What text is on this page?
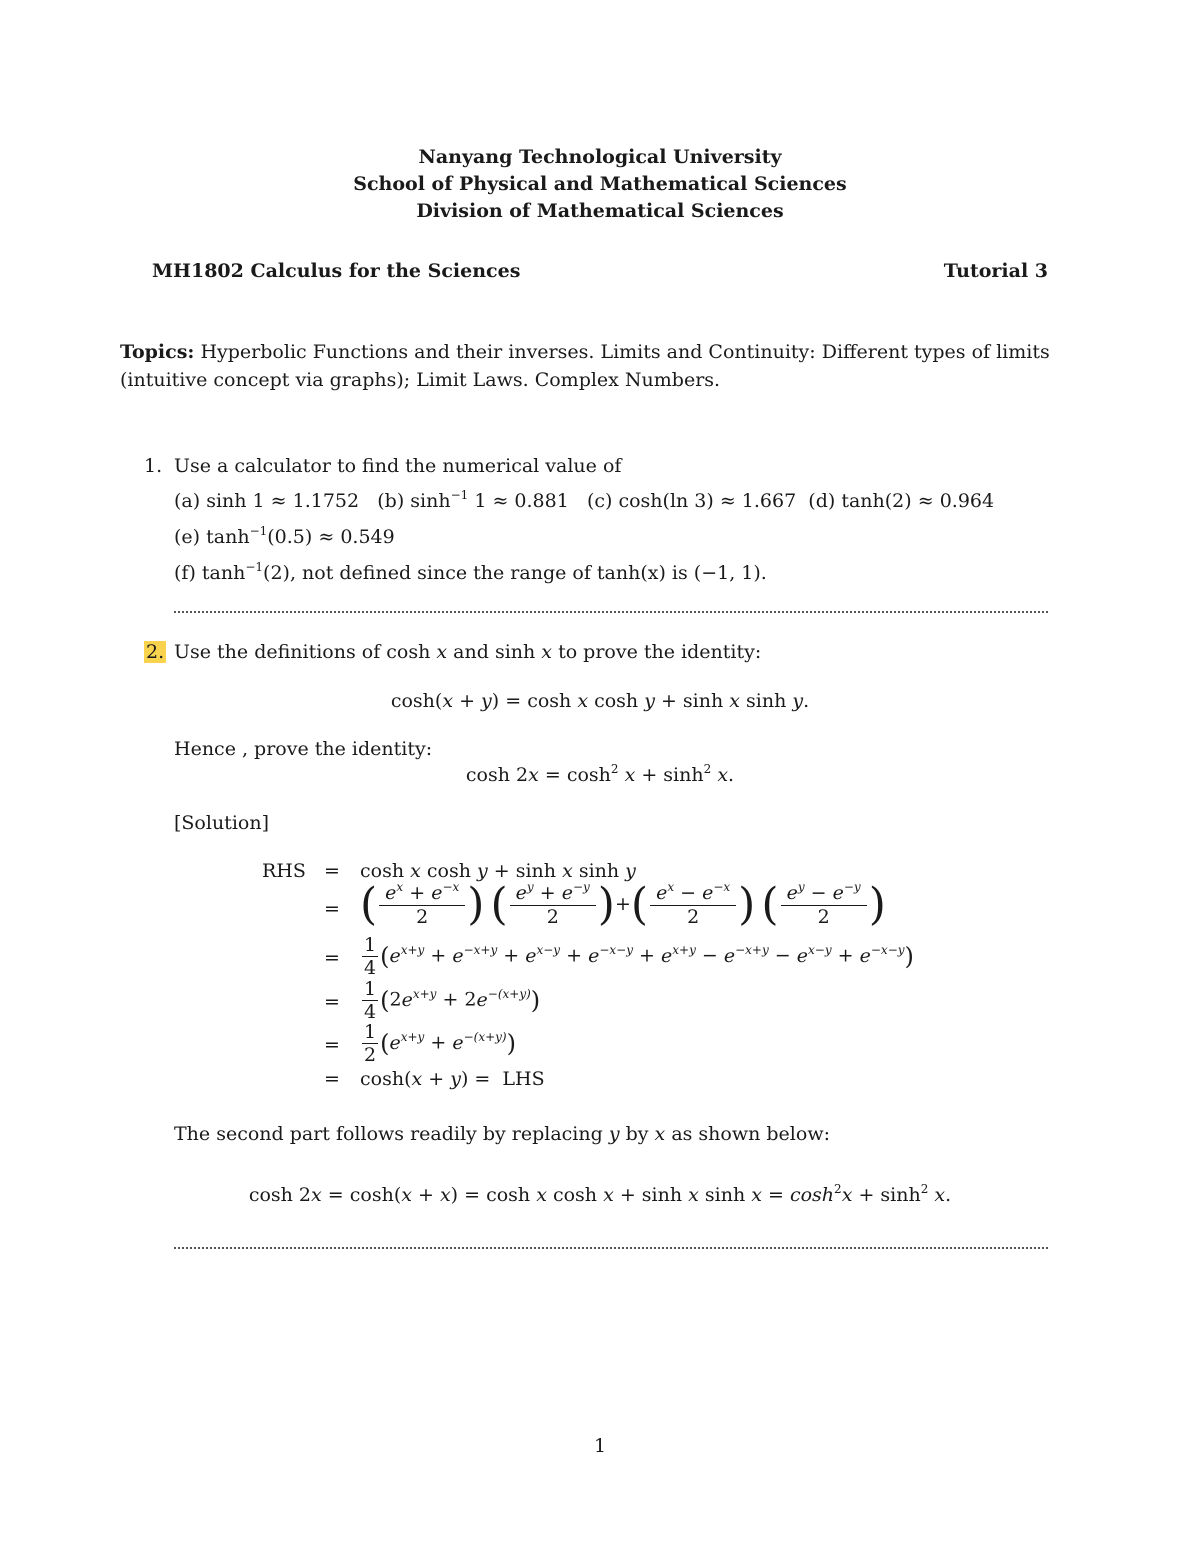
Nanyang Technological University
School of Physical and Mathematical Sciences
Division of Mathematical Sciences
MH1802 Calculus for the Sciences	Tutorial 3
Topics: Hyperbolic Functions and their inverses. Limits and Continuity: Different types of limits
(intuitive concept via graphs); Limit Laws. Complex Numbers.
1. Use a calculator to find the numerical value of
(a) sinh 1 ≈ 1.1752 (b) $\sinh^{-1} 1 \approx 0.881$ (c) cosh(ln 3) ≈ 1.667 (d) tanh(2) ≈ 0.964
(e) $\tanh^{-1}(0.5) \approx 0.549$
(f) $\tanh^{-1}(2)$, not defined since the range of tanh(x) is (−1, 1).
2. Use the definitions of cosh x and sinh x to prove the identity:
cosh(x + y) = cosh x cosh y + sinh x sinh y.
Hence , prove the identity:
$\cosh 2x = \cosh^2 x + \sinh^2 x$.
[Solution]
RHS = cosh x cosh y + sinh x sinh y
= ( $\frac{e^x + e^{-x}}{2}$ ) ( $\frac{e^y + e^{-y}}{2}$ )+( $\frac{e^x - e^{-x}}{2}$ ) ( $\frac{e^y - e^{-y}}{2}$ )
= $\frac{1}{4} (e^{x+y} + e^{-x+y} + e^{x-y} + e^{-x-y} + e^{x+y} - e^{-x+y} - e^{x-y} + e^{-x-y})$
= $\frac{1}{4} (2e^{x+y} + 2e^{-(x+y)})$
= $\frac{1}{2} (e^{x+y} + e^{-(x+y)})$
= cosh(x + y) =  LHS
The second part follows readily by replacing y by x as shown below:
cosh 2x = cosh(x + x) = cosh x cosh x + sinh x $\sinh x = \cosh^2x + \sinh^2 x$.
1
